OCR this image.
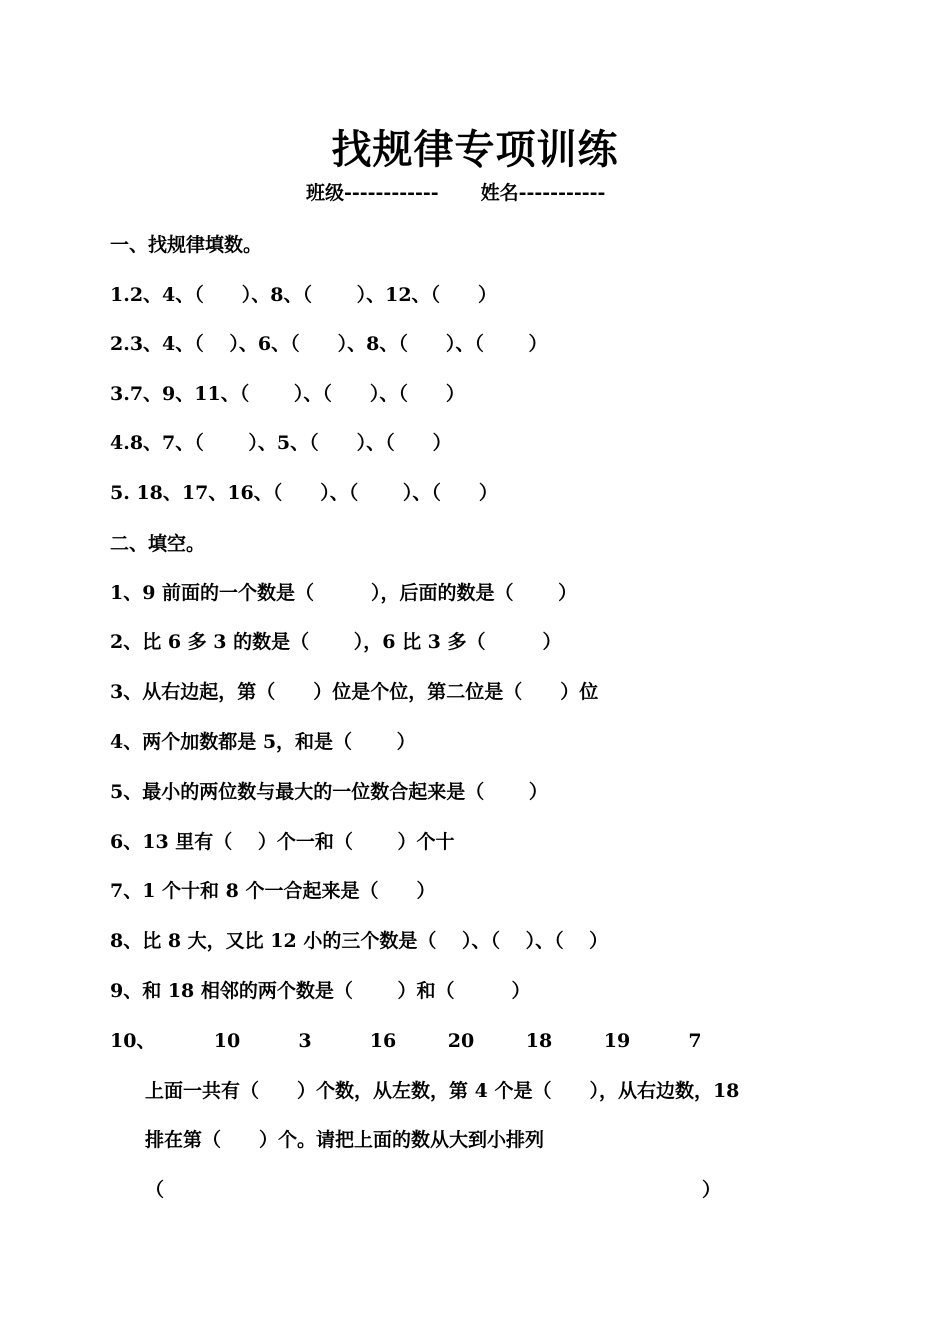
找规律专项训练
班级------------ 姓名-----------
一、找规律填数。
1.2、4、（　　）、8、（　　 ）、12、（　　）
2.3、4、（　 ）、6、（　　）、8、（　　）、（　　 ）
3.7、9、11、（　　 ）、（　　）、（　　）
4.8、7、（　　 ）、5、（　　）、（　　）
5. 18、17、16、（　　）、（　　 ）、（　　）
二、填空。
1、9 前面的一个数是（　　　），后面的数是（　　 ）
2、比 6 多 3 的数是（　　 ），6 比 3 多（　　　）
3、从右边起，第（　　）位是个位，第二位是（　　）位
4、两个加数都是 5，和是（　　 ）
5、最小的两位数与最大的一位数合起来是（　　 ）
6、13 里有（　 ）个一和（　　 ）个十
7、1 个十和 8 个一合起来是（　　）
8、比 8 大，又比 12 小的三个数是（　 ）、（　 ）、（　 ）
9、和 18 相邻的两个数是（　　 ）和（　　　）
10、	10	3	16	20	18	19	7
上面一共有（　　）个数，从左数，第 4 个是（　　），从右边数，18
排在第（　　）个。请把上面的数从大到小排列
（	）
